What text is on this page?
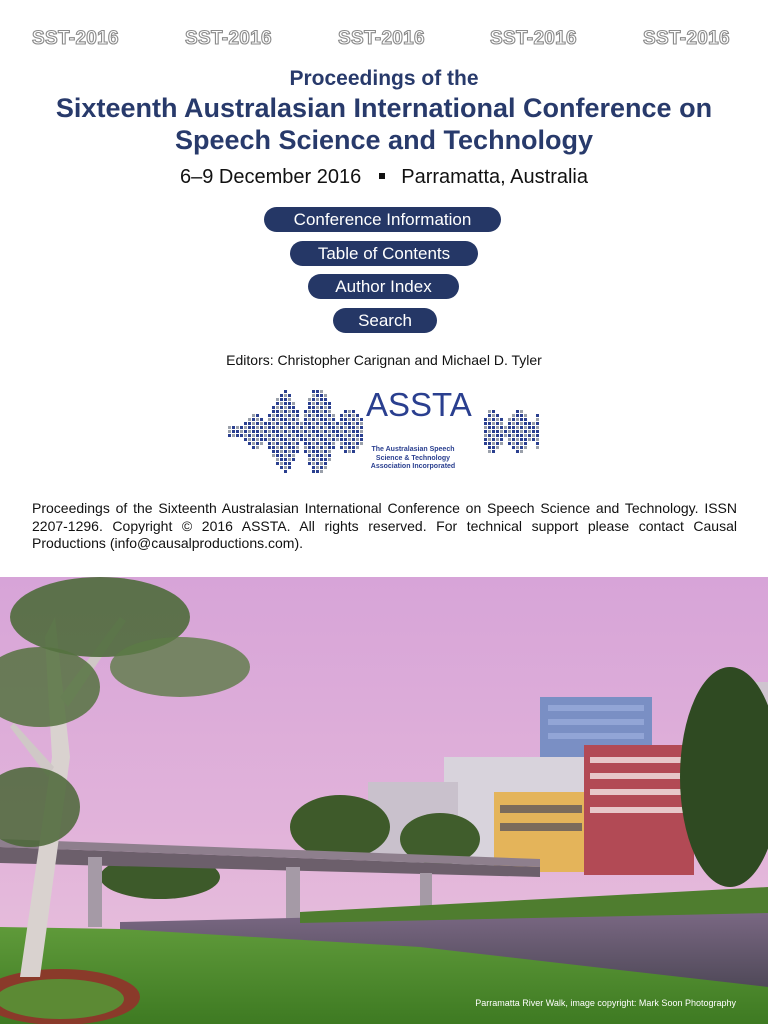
SST-2016	SST-2016	SST-2016	SST-2016	SST-2016
Proceedings of the
Sixteenth Australasian International Conference on
Speech Science and Technology
6–9 December 2016 Parramatta, Australia
Conference Information
Table of Contents
Author Index
Search
Editors: Christopher Carignan and Michael D. Tyler
ASSTA
The Australasian Speech
Science & Technology
Association Incorporated
Proceedings of the Sixteenth Australasian International Conference on Speech Science and Technology. ISSN 2207-1296. Copyright © 2016 ASSTA. All rights reserved. For technical support please contact Causal Productions (info@causalproductions.com).
Parramatta River Walk, image copyright: Mark Soon Photography
